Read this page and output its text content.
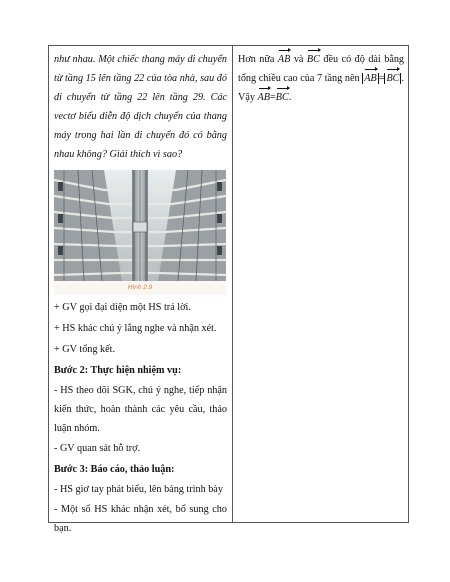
như nhau. Một chiếc thang máy di chuyển từ tầng 15 lên tầng 22 của tòa nhà, sau đó di chuyển từ tầng 22 lên tầng 29. Các vectơ biểu diễn độ dịch chuyển của thang máy trong hai lần di chuyển đó có bằng nhau không? Giải thích vì sao?

Hình 2.9

+ GV gọi đại diện một HS trả lời.

+ HS khác chú ý lắng nghe và nhận xét.

+ GV tổng kết.

Bước 2: Thực hiện nhiệm vụ:

- HS theo dõi SGK, chú ý nghe, tiếp nhận kiến thức, hoàn thành các yêu cầu, thảo luận nhóm.

- GV quan sát hỗ trợ.

Bước 3: Báo cáo, thảo luận:

- HS giơ tay phát biểu, lên bảng trình bày

- Một số HS khác nhận xét, bổ sung cho bạn.

Hơn nữa AB và BC đều có độ dài bằng tổng chiều cao của 7 tầng nên AB = BC . Vậy AB=BC.
